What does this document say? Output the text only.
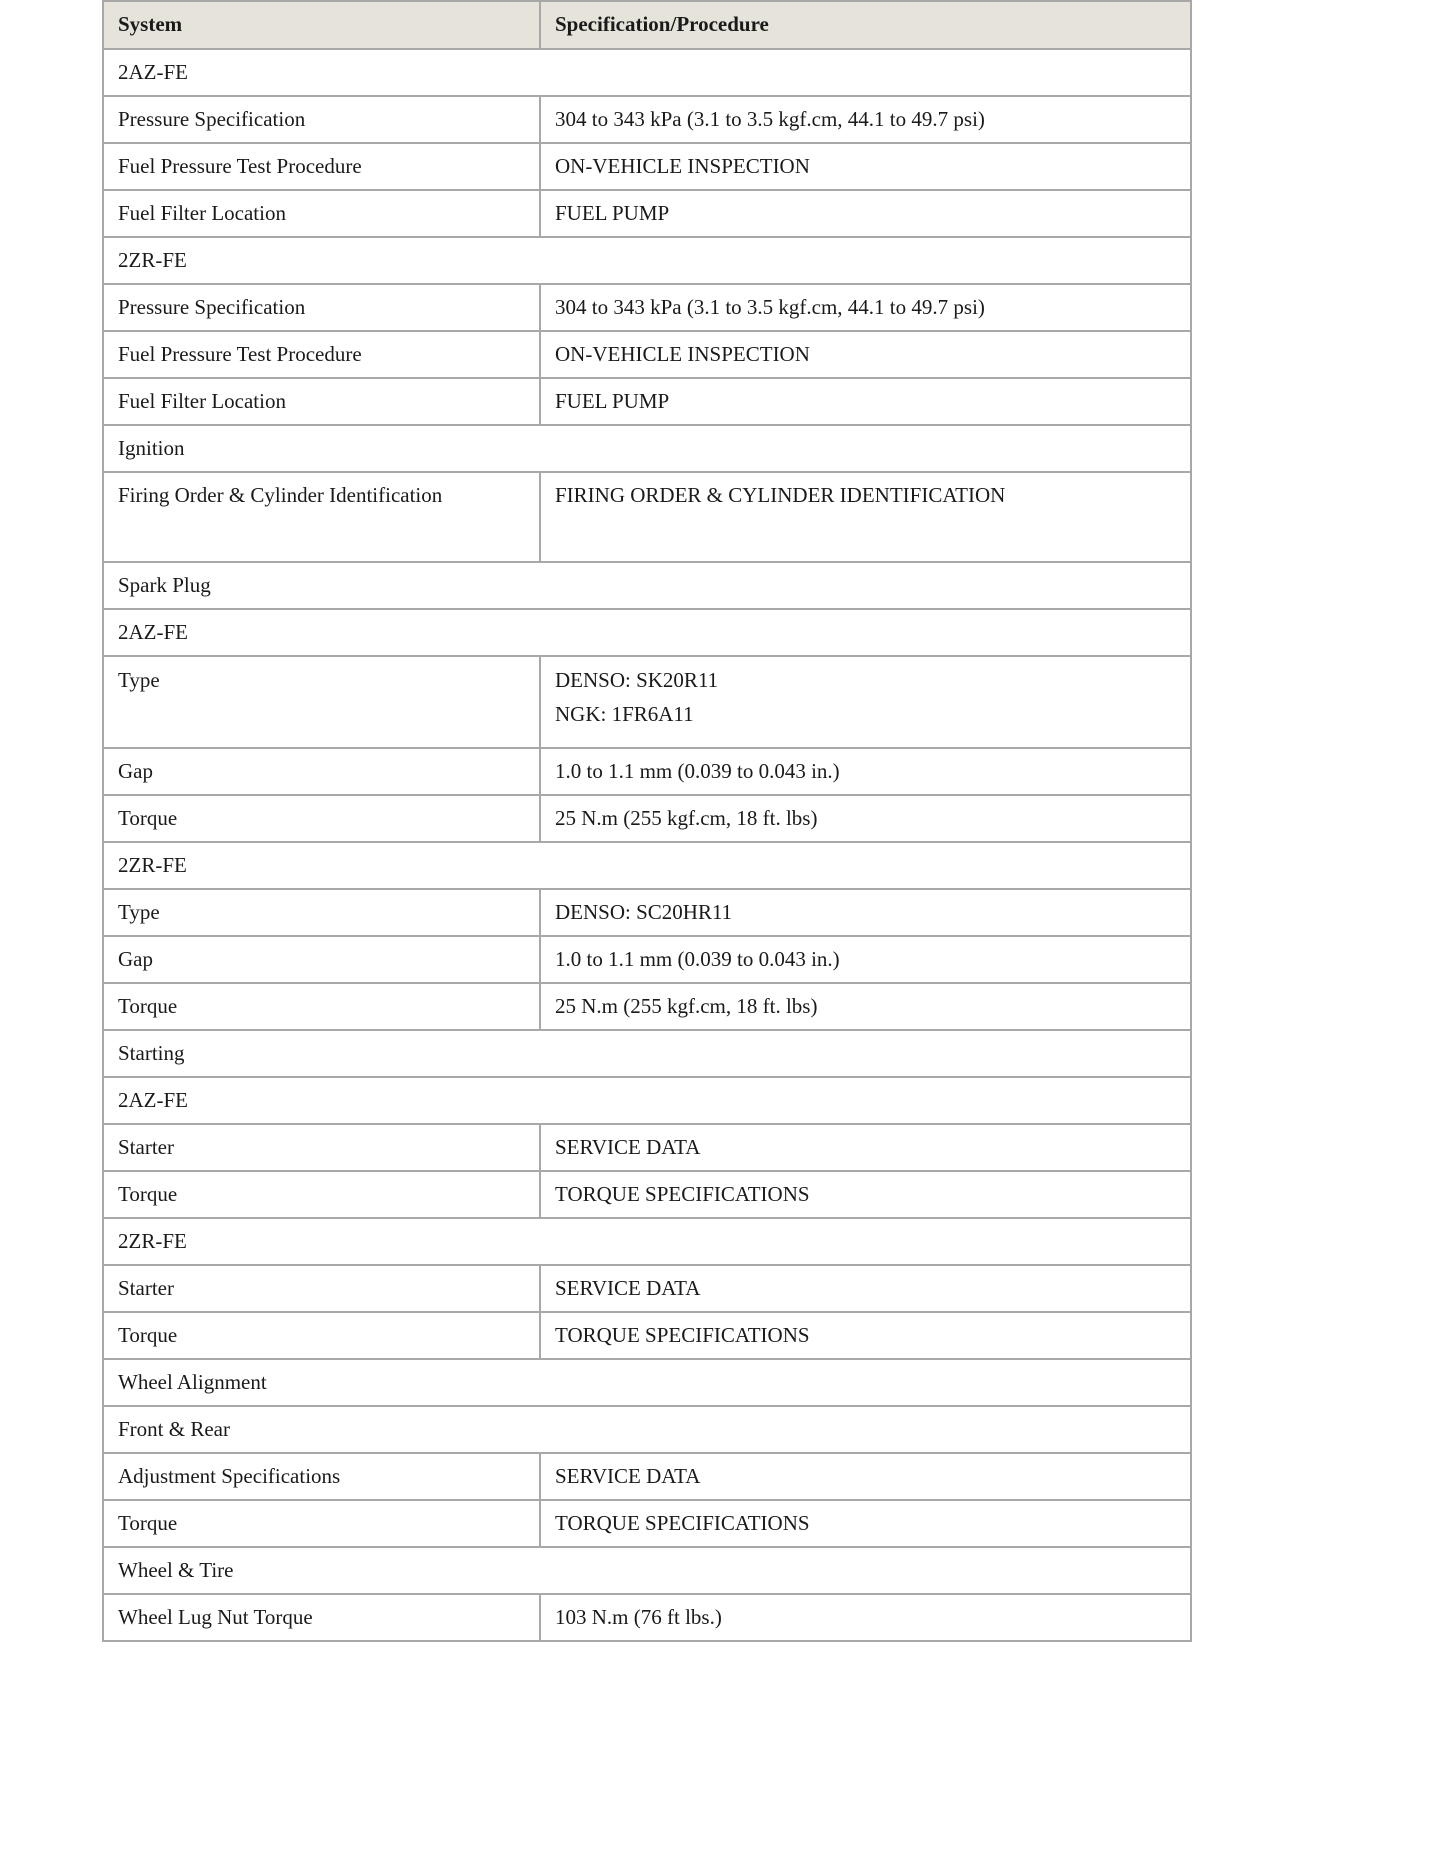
System	Specification/Procedure
2AZ-FE	
Pressure Specification	304 to 343 kPa (3.1 to 3.5 kgf.cm, 44.1 to 49.7 psi)
Fuel Pressure Test Procedure	ON-VEHICLE INSPECTION
Fuel Filter Location	FUEL PUMP
2ZR-FE	
Pressure Specification	304 to 343 kPa (3.1 to 3.5 kgf.cm, 44.1 to 49.7 psi)
Fuel Pressure Test Procedure	ON-VEHICLE INSPECTION
Fuel Filter Location	FUEL PUMP
Ignition	
Firing Order & Cylinder Identification	FIRING ORDER & CYLINDER IDENTIFICATION
Spark Plug	
2AZ-FE	

Type	DENSO: SK20R11
NGK: 1FR6A11

Gap	1.0 to 1.1 mm (0.039 to 0.043 in.)
Torque	25 N.m (255 kgf.cm, 18 ft. lbs)
2ZR-FE	
Type	DENSO: SC20HR11
Gap	1.0 to 1.1 mm (0.039 to 0.043 in.)
Torque	25 N.m (255 kgf.cm, 18 ft. lbs)
Starting	
2AZ-FE	
Starter	SERVICE DATA
Torque	TORQUE SPECIFICATIONS
2ZR-FE	
Starter	SERVICE DATA
Torque	TORQUE SPECIFICATIONS
Wheel Alignment	
Front & Rear	
Adjustment Specifications	SERVICE DATA
Torque	TORQUE SPECIFICATIONS
Wheel & Tire	
Wheel Lug Nut Torque	103 N.m (76 ft lbs.)
